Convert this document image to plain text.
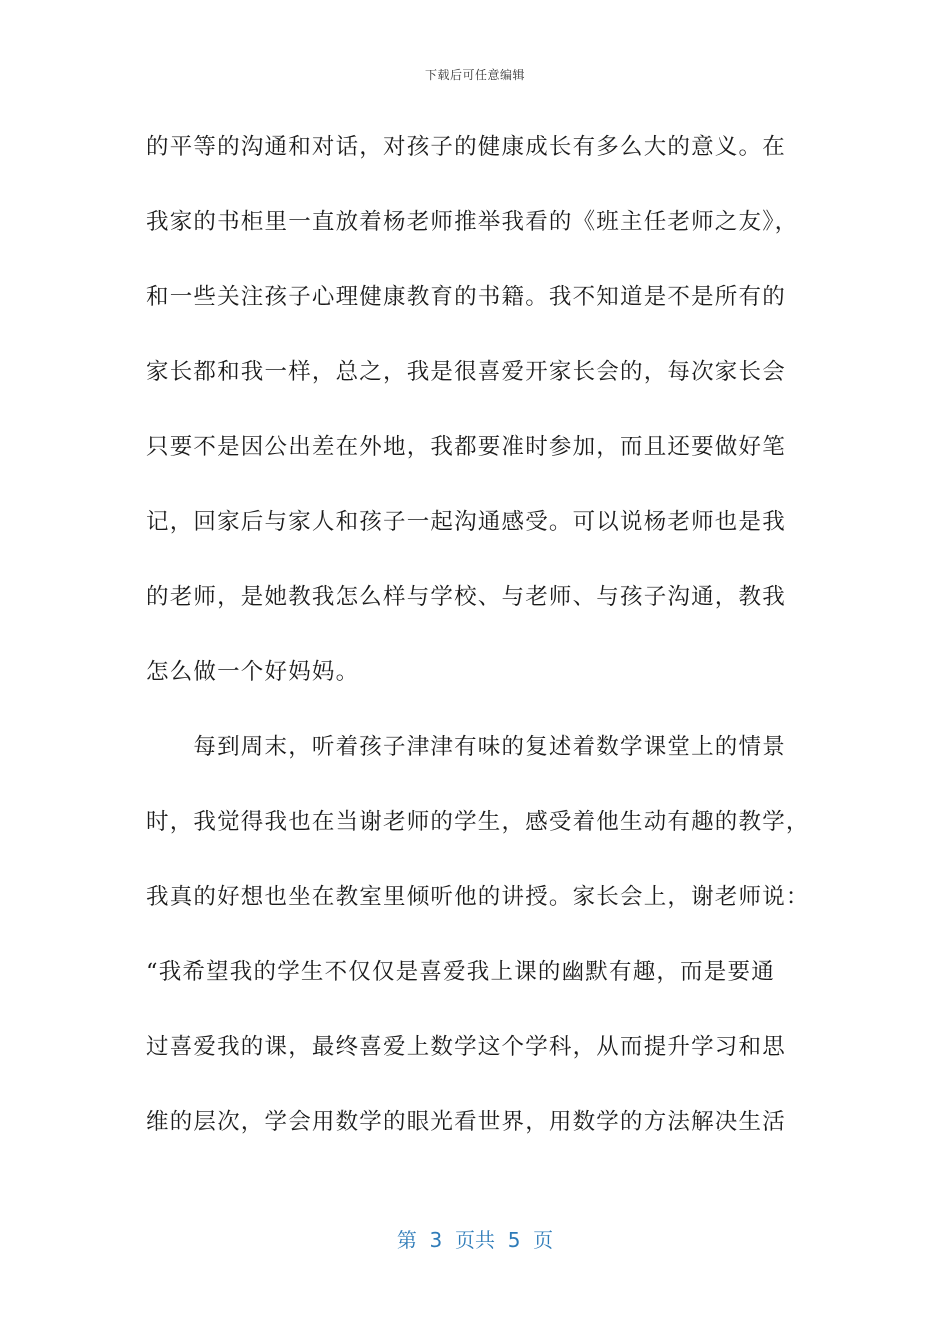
下载后可任意编辑
的平等的沟通和对话，对孩子的健康成长有多么大的意义。在
我家的书柜里一直放着杨老师推举我看的《班主任老师之友》，
和一些关注孩子心理健康教育的书籍。我不知道是不是所有的
家长都和我一样，总之，我是很喜爱开家长会的，每次家长会
只要不是因公出差在外地，我都要准时参加，而且还要做好笔
记，回家后与家人和孩子一起沟通感受。可以说杨老师也是我
的老师，是她教我怎么样与学校、与老师、与孩子沟通，教我
怎么做一个好妈妈。
　　每到周末，听着孩子津津有味的复述着数学课堂上的情景
时，我觉得我也在当谢老师的学生，感受着他生动有趣的教学，
我真的好想也坐在教室里倾听他的讲授。家长会上，谢老师说：
“我希望我的学生不仅仅是喜爱我上课的幽默有趣，而是要通
过喜爱我的课，最终喜爱上数学这个学科，从而提升学习和思
维的层次，学会用数学的眼光看世界，用数学的方法解决生活
第  3  页共  5  页
